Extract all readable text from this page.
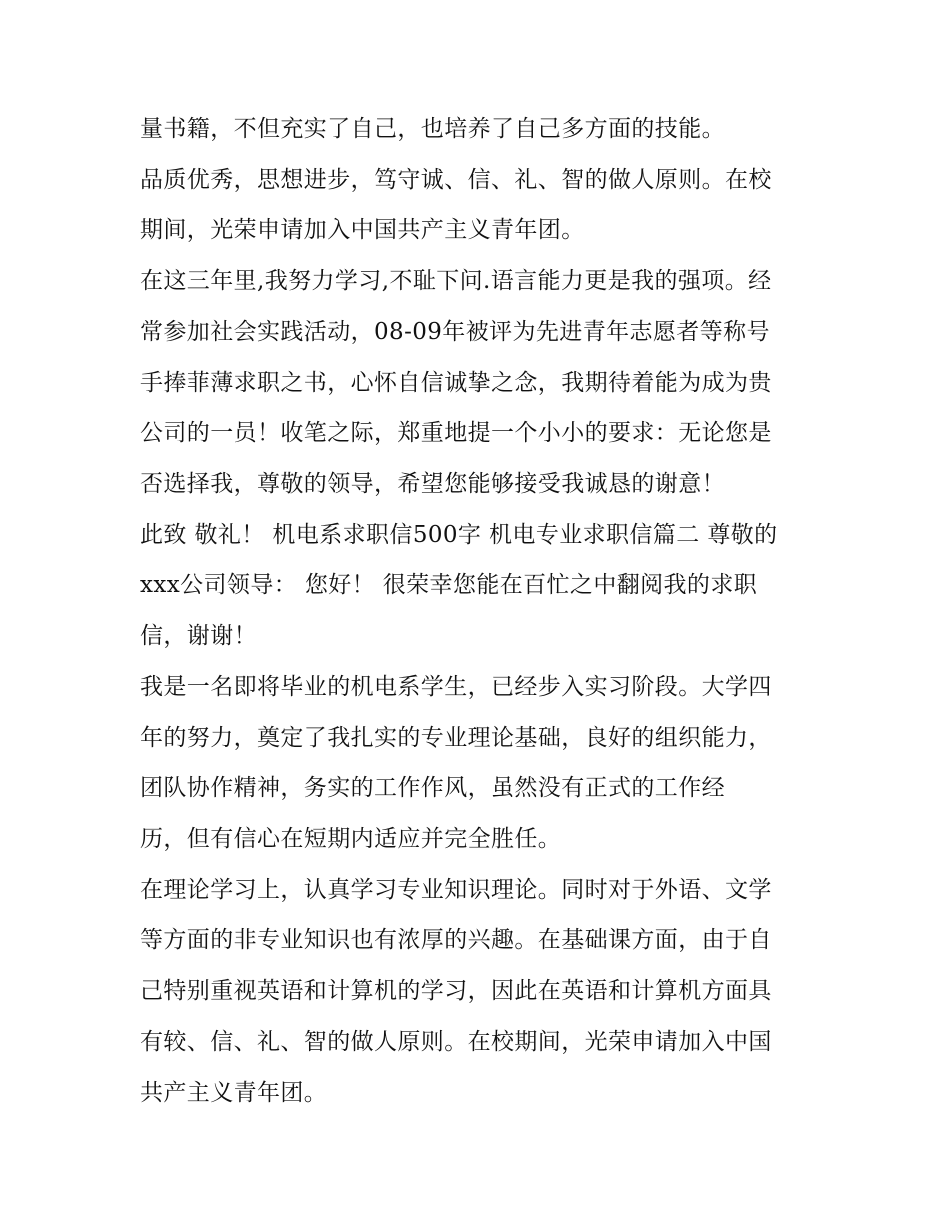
量书籍，不但充实了自己，也培养了自己多方面的技能。
品质优秀，思想进步，笃守诚、信、礼、智的做人原则。在校
期间，光荣申请加入中国共产主义青年团。
在这三年里,我努力学习,不耻下问.语言能力更是我的强项。经
常参加社会实践活动，08-09年被评为先进青年志愿者等称号
手捧菲薄求职之书，心怀自信诚挚之念，我期待着能为成为贵
公司的一员！收笔之际，郑重地提一个小小的要求：无论您是
否选择我，尊敬的领导，希望您能够接受我诚恳的谢意！
此致 敬礼！ 机电系求职信500字 机电专业求职信篇二 尊敬的
xxx公司领导： 您好！ 很荣幸您能在百忙之中翻阅我的求职
信，谢谢！
我是一名即将毕业的机电系学生，已经步入实习阶段。大学四
年的努力，奠定了我扎实的专业理论基础，良好的组织能力，
团队协作精神，务实的工作作风，虽然没有正式的工作经
历，但有信心在短期内适应并完全胜任。
在理论学习上，认真学习专业知识理论。同时对于外语、文学
等方面的非专业知识也有浓厚的兴趣。在基础课方面，由于自
己特别重视英语和计算机的学习，因此在英语和计算机方面具
有较、信、礼、智的做人原则。在校期间，光荣申请加入中国
共产主义青年团。
